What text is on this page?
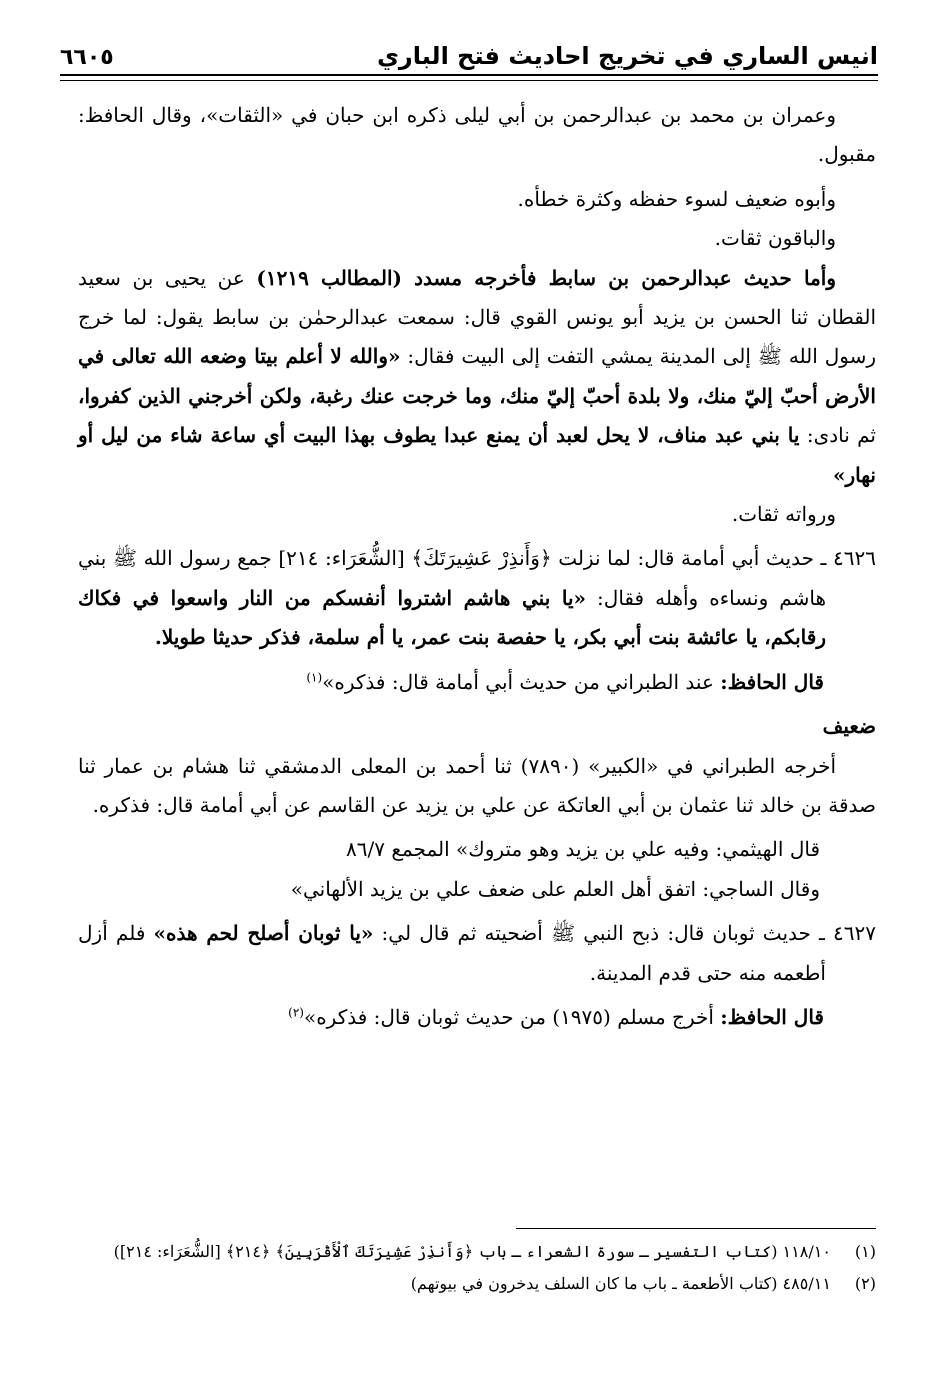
انيس الساري في تخريج احاديث فتح الباري
٦٦٠٥

وعمران بن محمد بن عبدالرحمن بن أبي ليلى ذكره ابن حبان في «الثقات»، وقال الحافظ: مقبول.

وأبوه ضعيف لسوء حفظه وكثرة خطأه.

والباقون ثقات.

وأما حديث عبدالرحمن بن سابط فأخرجه مسدد (المطالب ١٢١٩) عن يحيى بن سعيد القطان ثنا الحسن بن يزيد أبو يونس القوي قال: سمعت عبدالرحمٰن بن سابط يقول: لما خرج رسول الله ﷺ إلى المدينة يمشي التفت إلى البيت فقال: «والله لا أعلم بيتا وضعه الله تعالى في الأرض أحبّ إليّ منك، ولا بلدة أحبّ إليّ منك، وما خرجت عنك رغبة، ولكن أخرجني الذين كفروا، ثم نادى: يا بني عبد مناف، لا يحل لعبد أن يمنع عبدا يطوف بهذا البيت أي ساعة شاء من ليل أو نهار»

ورواته ثقات.

٤٦٢٦ ـ حديث أبي أمامة قال: لما نزلت ﴿وَأَنذِرْ عَشِيرَتَكَ﴾ [الشُّعَرَاء: ٢١٤] جمع رسول الله ﷺ بني هاشم ونساءه وأهله فقال: «يا بني هاشم اشتروا أنفسكم من النار واسعوا في فكاك رقابكم، يا عائشة بنت أبي بكر، يا حفصة بنت عمر، يا أم سلمة، فذكر حديثا طويلا.

قال الحافظ: عند الطبراني من حديث أبي أمامة قال: فذكره»$^{(١)}$

ضعيف

أخرجه الطبراني في «الكبير» (٧٨٩٠) ثنا أحمد بن المعلى الدمشقي ثنا هشام بن عمار ثنا صدقة بن خالد ثنا عثمان بن أبي العاتكة عن علي بن يزيد عن القاسم عن أبي أمامة قال: فذكره.

قال الهيثمي: وفيه علي بن يزيد وهو متروك» المجمع ٨٦/٧

وقال الساجي: اتفق أهل العلم على ضعف علي بن يزيد الألهاني»

٤٦٢٧ ـ حديث ثوبان قال: ذبح النبي ﷺ أضحيته ثم قال لي: «يا ثوبان أصلح لحم هذه» فلم أزل أطعمه منه حتى قدم المدينة.

قال الحافظ: أخرج مسلم (١٩٧٥) من حديث ثوبان قال: فذكره»$^{(٢)}$

(١)
١١٨/١٠ (كتاب التفسير ـ سورة الشعراء ـ باب ﴿وَأَنذِرْ عَشِيرَتَكَ ٱلْأَقْرَبِينَ﴾ ﴿٢١٤﴾ [الشُّعَرَاء: ٢١٤])
(٢)
٤٨٥/١١ (كتاب الأطعمة ـ باب ما كان السلف يدخرون في بيوتهم)
